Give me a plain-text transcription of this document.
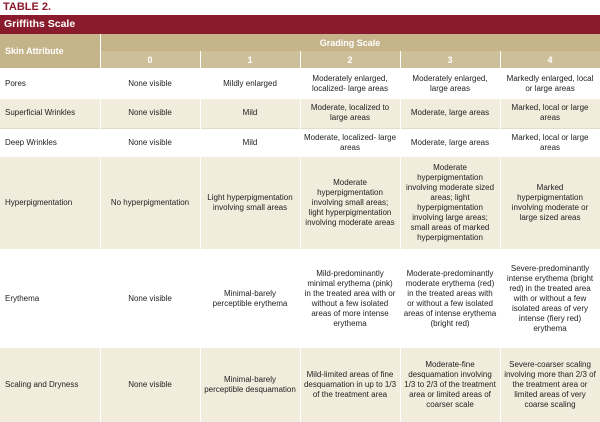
TABLE 2.
Griffiths Scale
Skin Attribute	Grading Scale				
	0	1	2	3	4
Pores	None visible	Mildly enlarged	Moderately enlarged, localized- large areas	Moderately enlarged, large areas	Markedly enlarged, local or large areas
Superficial Wrinkles	None visible	Mild	Moderate, localized to large areas	Moderate, large areas	Marked, local or large areas
Deep Wrinkles	None visible	Mild	Moderate, localized- large areas	Moderate, large areas	Marked, local or large areas
Hyperpigmentation	No hyperpigmentation	Light hyperpigmentation involving small areas	Moderate hyperpigmentation involving small areas; light hyperpigmentation involving moderate areas	Moderate hyperpigmentation involving moderate sized areas; light hyperpigmentation involving large areas; small areas of marked hyperpigmentation	Marked hyperpigmentation involving moderate or large sized areas
Erythema	None visible	Minimal-barely perceptible erythema	Mild-predominantly minimal erythema (pink) in the treated area with or without a few isolated areas of more intense erythema	Moderate-predominantly moderate erythema (red) in the treated areas with or without a few isolated areas of intense erythema (bright red)	Severe-predominantly intense erythema (bright red) in the treated area with or without a few isolated areas of very intense (fiery red) erythema
Scaling and Dryness	None visible	Minimal-barely perceptible desquamation	Mild-limited areas of fine desquamation in up to 1/3 of the treatment area	Moderate-fine desquamation involving 1/3 to 2/3 of the treatment area or limited areas of coarser scale	Severe-coarser scaling involving more than 2/3 of the treatment area or limited areas of very coarse scaling
